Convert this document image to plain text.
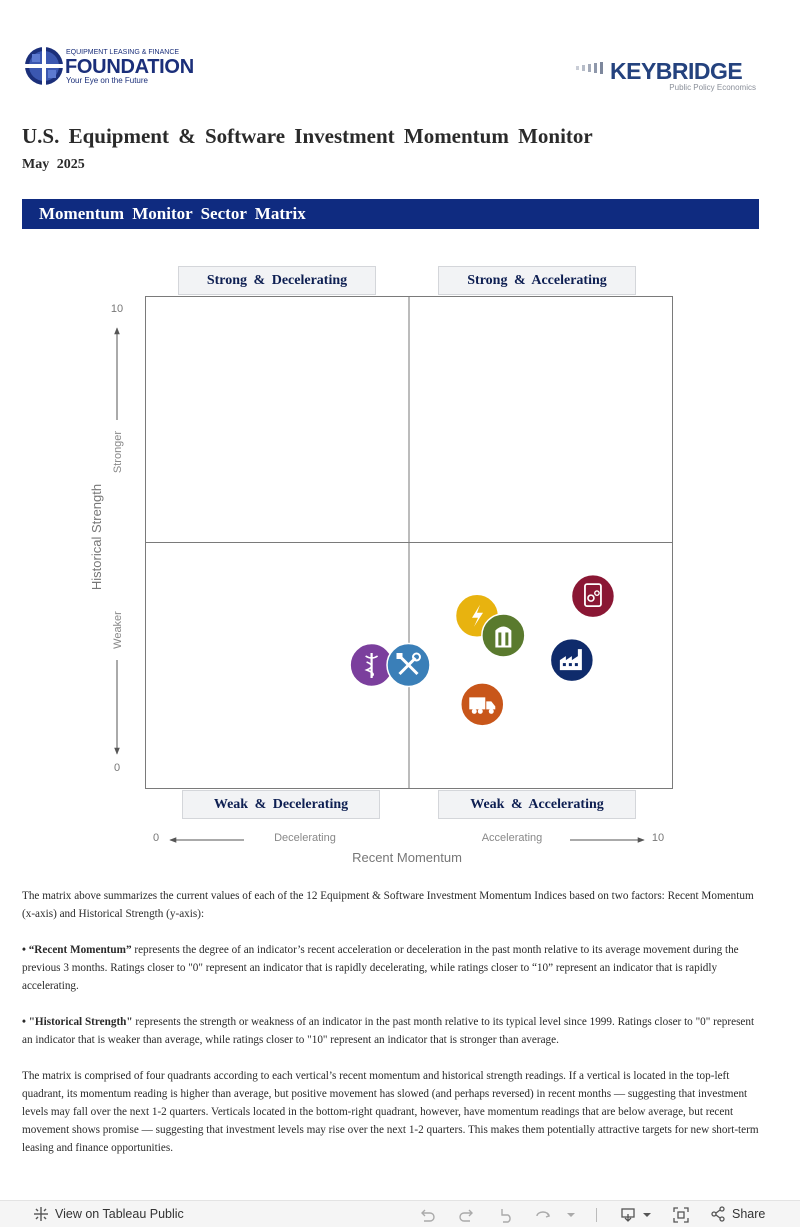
EQUIPMENT LEASING & FINANCE
FOUNDATION
Your Eye on the Future	KEYBRIDGE
Public Policy Economics
U.S. Equipment & Software Investment Momentum Monitor
May 2025
Momentum Monitor Sector Matrix
Strong & Decelerating	Strong & Accelerating
Weak & Decelerating	Weak & Accelerating
10
0
Stronger
Weaker
Historical Strength
0	10
Decelerating	Accelerating
Recent Momentum

The matrix above summarizes the current values of each of the 12 Equipment & Software Investment Momentum Indices based on two factors: Recent Momentum (x-axis) and Historical Strength (y-axis):

• “Recent Momentum” represents the degree of an indicator’s recent acceleration or deceleration in the past month relative to its average movement during the previous 3 months. Ratings closer to "0" represent an indicator that is rapidly decelerating, while ratings closer to “10” represent an indicator that is rapidly accelerating.

• "Historical Strength" represents the strength or weakness of an indicator in the past month relative to its typical level since 1999. Ratings closer to "0" represent an indicator that is weaker than average, while ratings closer to "10" represent an indicator that is stronger than average.

The matrix is comprised of four quadrants according to each vertical’s recent momentum and historical strength readings. If a vertical is located in the top-left quadrant, its momentum reading is higher than average, but positive movement has slowed (and perhaps reversed) in recent months — suggesting that investment levels may fall over the next 1-2 quarters. Verticals located in the bottom-right quadrant, however, have momentum readings that are below average, but recent movement shows promise — suggesting that investment levels may rise over the next 1-2 quarters. This makes them potentially attractive targets for new short-term leasing and finance opportunities.

View on Tableau Public	Share
